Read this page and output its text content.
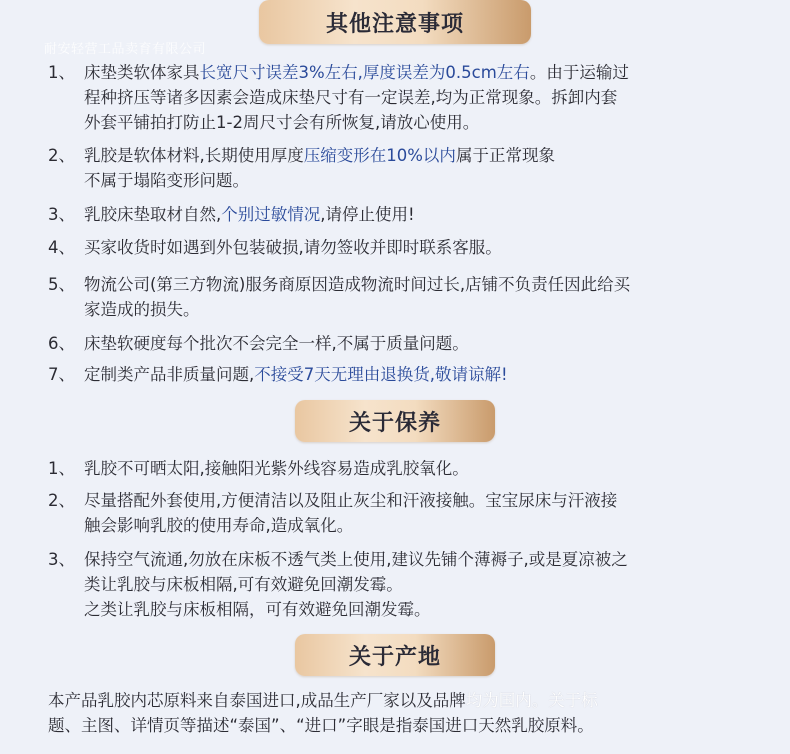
其他注意事项
耐安轻营工品卖育有限公司
1、 床垫类软体家具长宽尺寸误差3%左右,厚度误差为0.5cm左右。由于运输过
程种挤压等诸多因素会造成床垫尺寸有一定误差,均为正常现象。拆卸内套
外套平铺拍打防止1-2周尺寸会有所恢复,请放心使用。
2、 乳胶是软体材料,长期使用厚度压缩变形在10%以内属于正常现象
不属于塌陷变形问题。
3、 乳胶床垫取材自然,个别过敏情况,请停止使用!
4、 买家收货时如遇到外包装破损,请勿签收并即时联系客服。
5、 物流公司(第三方物流)服务商原因造成物流时间过长,店铺不负责任因此给买
家造成的损失。
6、 床垫软硬度每个批次不会完全一样,不属于质量问题。
7、 定制类产品非质量问题,不接受7天无理由退换货,敬请谅解!
关于保养
1、 乳胶不可晒太阳,接触阳光紫外线容易造成乳胶氧化。
2、 尽量搭配外套使用,方便清洁以及阻止灰尘和汗液接触。宝宝尿床与汗液接
触会影响乳胶的使用寿命,造成氧化。
3、 保持空气流通,勿放在床板不透气类上使用,建议先铺个薄褥子,或是夏凉被之
类让乳胶与床板相隔,可有效避免回潮发霉。
之类让乳胶与床板相隔，可有效避免回潮发霉。
关于产地
本产品乳胶内芯原料来自泰国进口,成品生产厂家以及品牌均为国内。关于标
题、主图、详情页等描述“泰国”、“进口”字眼是指泰国进口天然乳胶原料。
